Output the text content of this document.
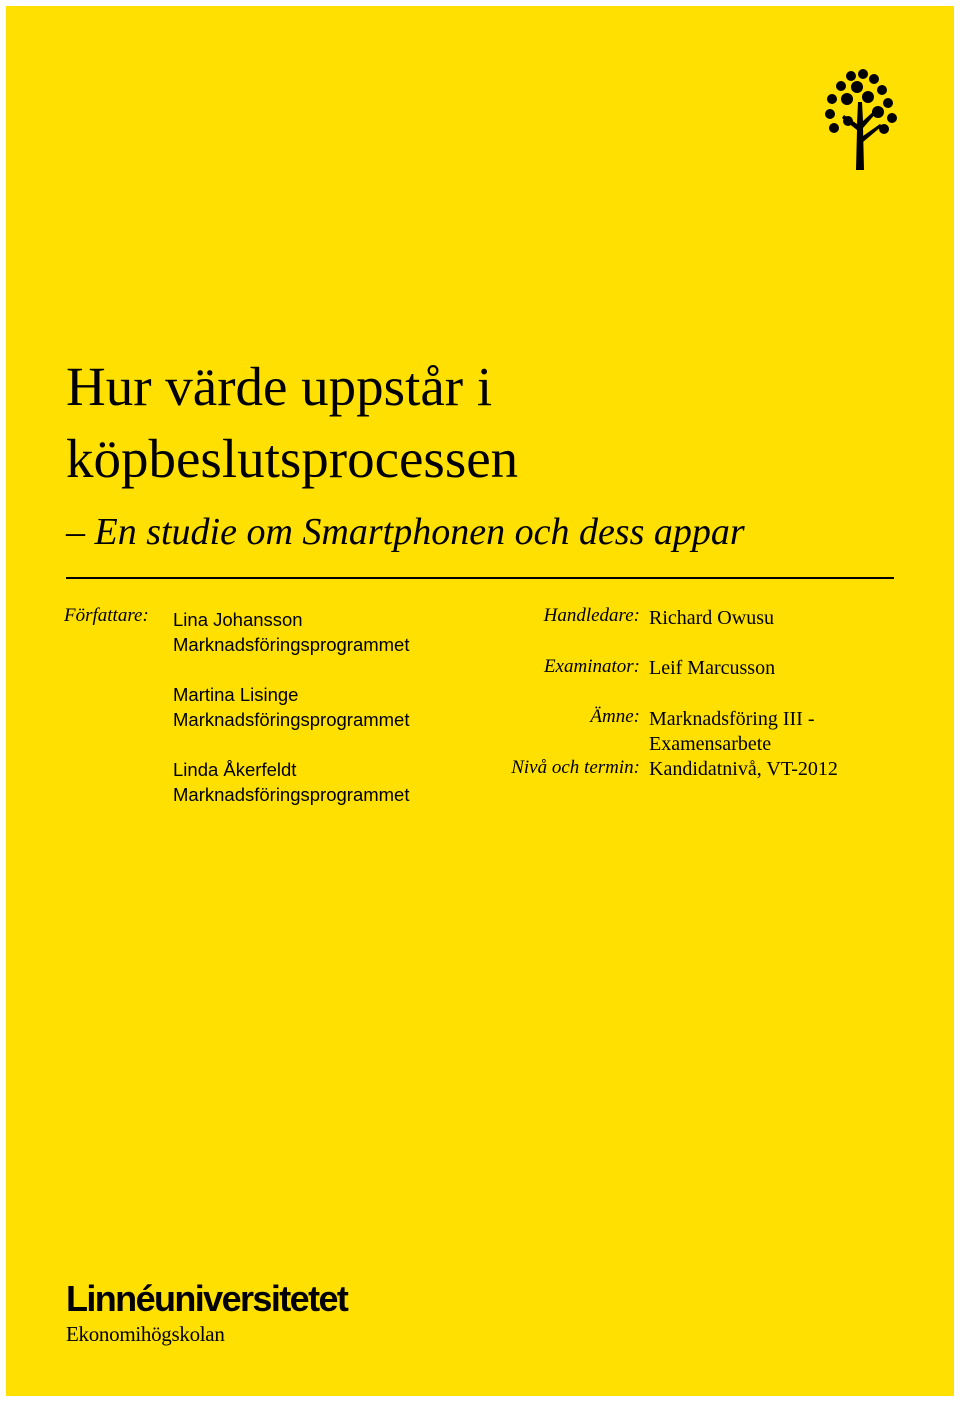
Hur värde uppstår i
köpbeslutsprocessen
– En studie om Smartphonen och dess appar
Författare: Lina Johansson
Marknadsföringsprogrammet
Martina Lisinge
Marknadsföringsprogrammet
Linda Åkerfeldt
Marknadsföringsprogrammet
Handledare: Richard Owusu
Examinator: Leif Marcusson
Ämne: Marknadsföring III -
Examensarbete
Nivå och termin: Kandidatnivå, VT-2012
Linnéuniversitetet
Ekonomihögskolan
